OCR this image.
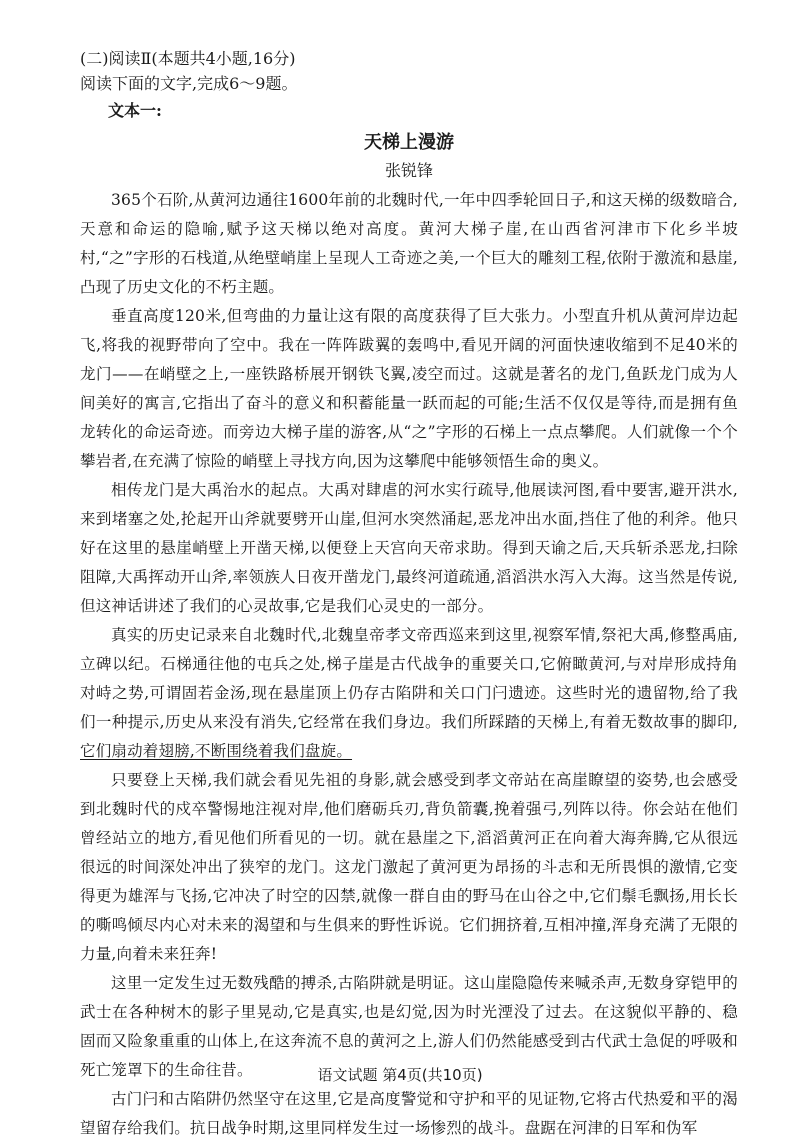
(二)阅读Ⅱ(本题共4小题,16分)

阅读下面的文字,完成6～9题。

文本一:

天梯上漫游

张锐锋

365个石阶,从黄河边通往1600年前的北魏时代,一年中四季轮回日子,和这天梯的级数暗合,天意和命运的隐喻,赋予这天梯以绝对高度。黄河大梯子崖,在山西省河津市下化乡半坡村,“之”字形的石栈道,从绝壁峭崖上呈现人工奇迹之美,一个巨大的雕刻工程,依附于激流和悬崖,凸现了历史文化的不朽主题。

垂直高度120米,但弯曲的力量让这有限的高度获得了巨大张力。小型直升机从黄河岸边起飞,将我的视野带向了空中。我在一阵阵跋翼的轰鸣中,看见开阔的河面快速收缩到不足40米的龙门——在峭壁之上,一座铁路桥展开钢铁飞翼,凌空而过。这就是著名的龙门,鱼跃龙门成为人间美好的寓言,它指出了奋斗的意义和积蓄能量一跃而起的可能;生活不仅仅是等待,而是拥有鱼龙转化的命运奇迹。而旁边大梯子崖的游客,从“之”字形的石梯上一点点攀爬。人们就像一个个攀岩者,在充满了惊险的峭壁上寻找方向,因为这攀爬中能够领悟生命的奥义。

相传龙门是大禹治水的起点。大禹对肆虐的河水实行疏导,他展读河图,看中要害,避开洪水,来到堵塞之处,抡起开山斧就要劈开山崖,但河水突然涌起,恶龙冲出水面,挡住了他的利斧。他只好在这里的悬崖峭壁上开凿天梯,以便登上天宫向天帝求助。得到天谕之后,天兵斩杀恶龙,扫除阻障,大禹挥动开山斧,率领族人日夜开凿龙门,最终河道疏通,滔滔洪水泻入大海。这当然是传说,但这神话讲述了我们的心灵故事,它是我们心灵史的一部分。

真实的历史记录来自北魏时代,北魏皇帝孝文帝西巡来到这里,视察军情,祭祀大禹,修整禹庙,立碑以纪。石梯通往他的屯兵之处,梯子崖是古代战争的重要关口,它俯瞰黄河,与对岸形成持角对峙之势,可谓固若金汤,现在悬崖顶上仍存古陷阱和关口门闩遗迹。这些时光的遗留物,给了我们一种提示,历史从来没有消失,它经常在我们身边。我们所踩踏的天梯上,有着无数故事的脚印,它们扇动着翅膀,不断围绕着我们盘旋。

只要登上天梯,我们就会看见先祖的身影,就会感受到孝文帝站在高崖瞭望的姿势,也会感受到北魏时代的戍卒警惕地注视对岸,他们磨砺兵刃,背负箭囊,挽着强弓,列阵以待。你会站在他们曾经站立的地方,看见他们所看见的一切。就在悬崖之下,滔滔黄河正在向着大海奔腾,它从很远很远的时间深处冲出了狭窄的龙门。这龙门激起了黄河更为昂扬的斗志和无所畏惧的激情,它变得更为雄浑与飞扬,它冲决了时空的囚禁,就像一群自由的野马在山谷之中,它们鬃毛飘扬,用长长的嘶鸣倾尽内心对未来的渴望和与生俱来的野性诉说。它们拥挤着,互相冲撞,浑身充满了无限的力量,向着未来狂奔!

这里一定发生过无数残酷的搏杀,古陷阱就是明证。这山崖隐隐传来喊杀声,无数身穿铠甲的武士在各种树木的影子里晃动,它是真实,也是幻觉,因为时光湮没了过去。在这貌似平静的、稳固而又险象重重的山体上,在这奔流不息的黄河之上,游人们仍然能感受到古代武士急促的呼吸和死亡笼罩下的生命往昔。

古门闩和古陷阱仍然坚守在这里,它是高度警觉和守护和平的见证物,它将古代热爱和平的渴望留存给我们。抗日战争时期,这里同样发生过一场惨烈的战斗。盘踞在河津的日军和伪军

语文试题 第4页(共10页)
